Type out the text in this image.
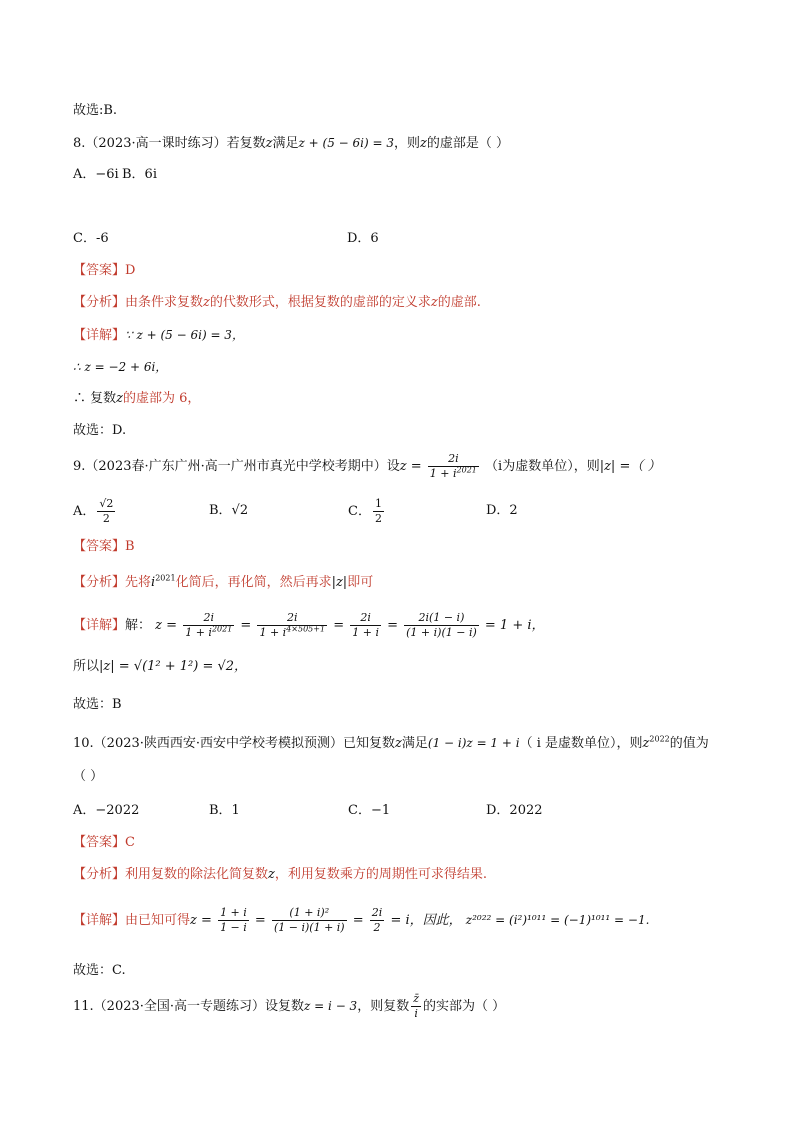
故选:B.
8.（2023·高一课时练习）若复数z满足z + (5 − 6i) = 3，则z的虚部是（ ）
A．−6i B．6i
C．-6	D．6
【答案】D
【分析】由条件求复数z的代数形式，根据复数的虚部的定义求z的虚部.
【详解】∵ z + (5 − 6i) = 3，
∴ z = −2 + 6i，
∴ 复数z的虚部为 6，
故选：D.
9.（2023春·广东广州·高一广州市真光中学校考期中）设$z = \frac{2i}{1 + i^{2021}} (i$为虚数单位），则|z| =（ ）
A． $\frac{√2}{2}$	B．√2	C． $\frac{1}{2}$	D．2
【答案】B
【分析】先将$i^{2021}$化简后，再化简，然后再求|z|即可
【详解】解： $z = \frac{2i}{1 + i^{2021}} = \frac{2i}{1 + i^{4\times 505+1}} = \frac{2i}{1 + i} = \frac{2i(1 - i)}{(1 + i)(1 - i)} = 1 + i$，
所以|z| = √(1² + 1²) = √2，
故选：B
10.（2023·陕西西安·西安中学校考模拟预测）已知复数z满足(1 − i)z = 1 + i（ i 是虚数单位），则$z^{2022}$的值为
（ ）
A．−2022	B．1	C．−1	D．2022
【答案】C
【分析】利用复数的除法化简复数z，利用复数乘方的周期性可求得结果.
【详解】由已知可得$z = \frac{1 + i}{1 - i} = \frac{\text{(1 + i)²}}{(1 - i)(1 + i)} = \frac{2i}{2} = i$，因此， z²⁰²² = (i²)¹⁰¹¹ = (−1)¹⁰¹¹ = −1.
故选：C.
11.（2023·全国·高一专题练习）设复数z = i − 3，则复数 $\frac{z̄}{i}$ 的实部为（ ）
